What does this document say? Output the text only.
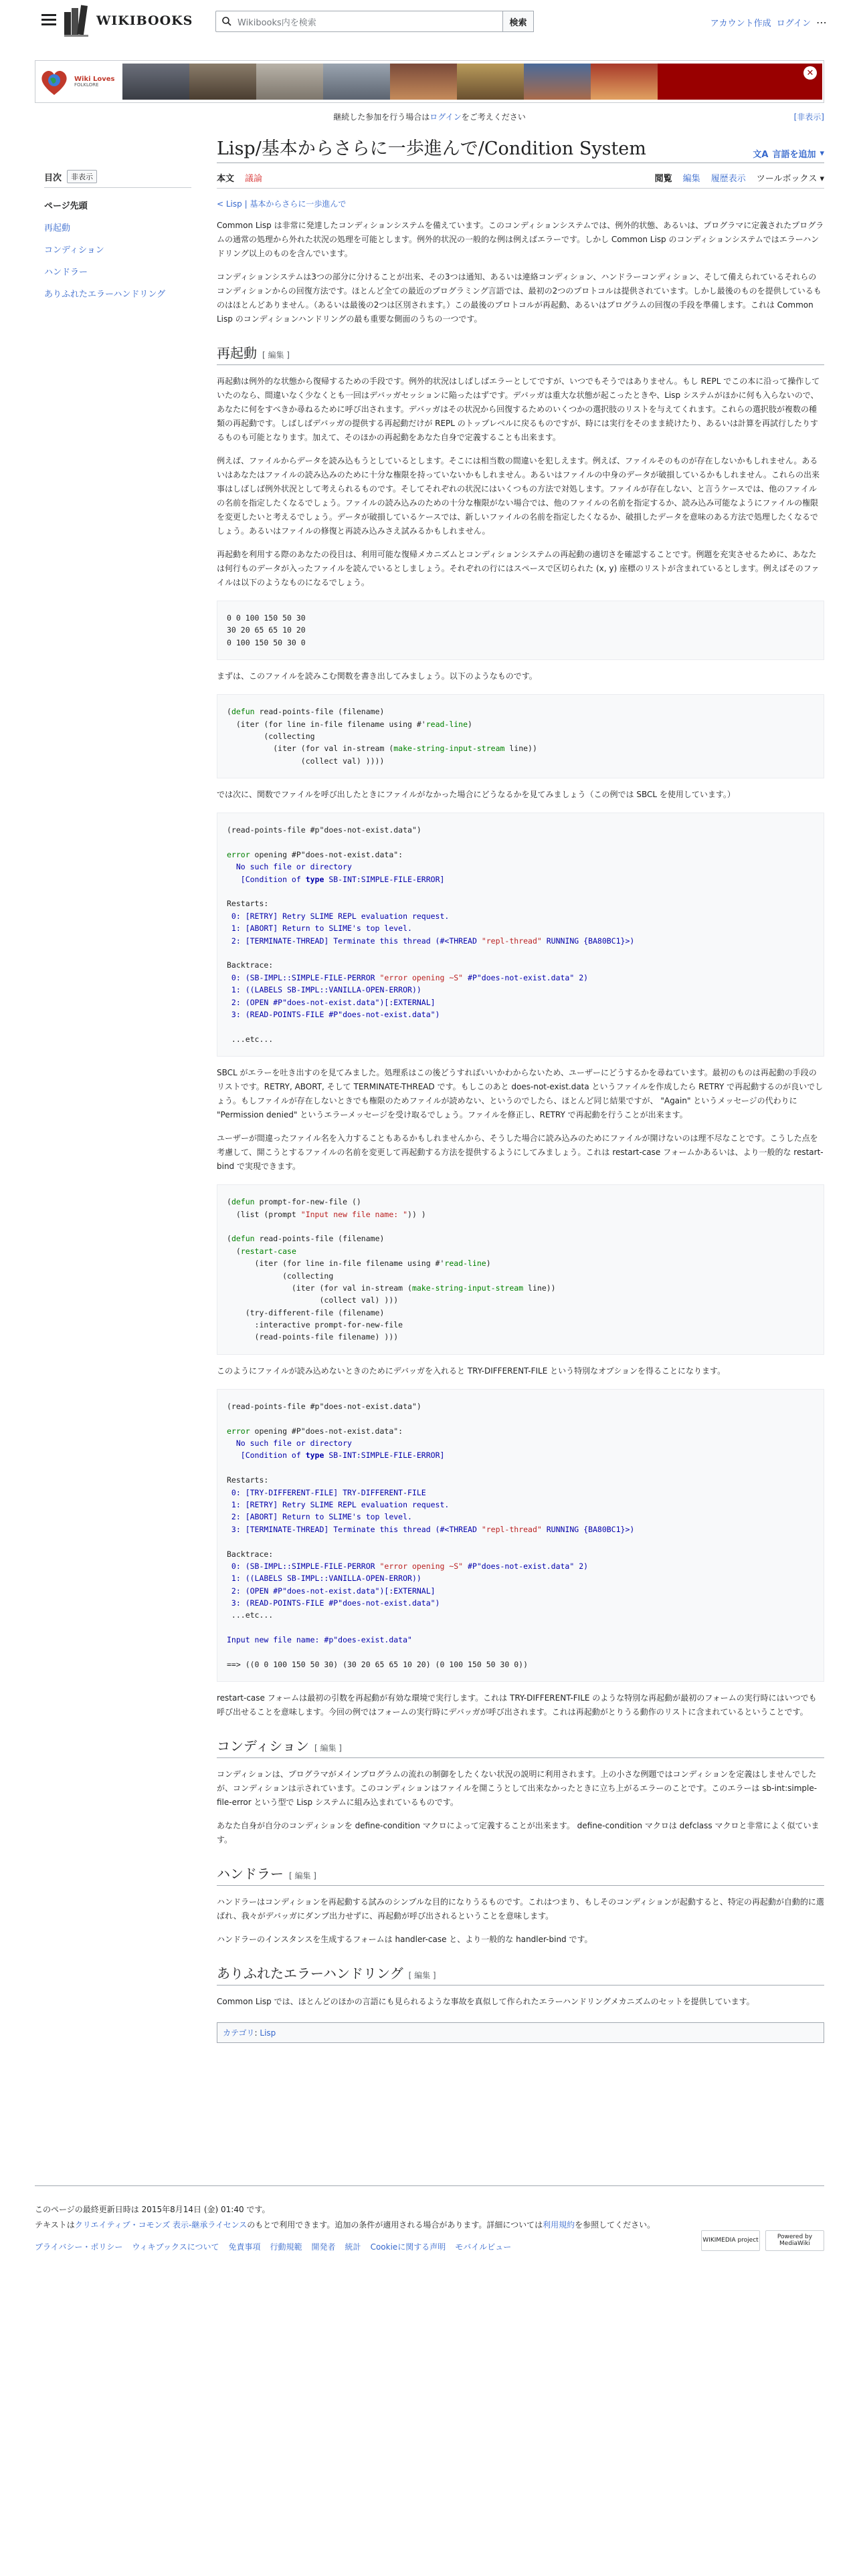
WIKIBOOKS	Wikibooks内を検索	検索	アカウント作成 ログイン ⋯
Wiki Loves
FOLKLORE
✕
継続した参加を行う場合はログインをご考えください	[非表示]
目次	非表示
ページ先頭
再起動
コンディション
ハンドラー
ありふれたエラーハンドリング
Lisp/基本からさらに一歩進んで/Condition System	文A 言語を追加 ▾
本文 議論	閲覧 編集 履歴表示 ツールボックス ▾
< Lisp | 基本からさらに一歩進んで

Common Lisp は非常に発達したコンディションシステムを備えています。このコンディションシステムでは、例外的状態、あるいは、プログラマに定義されたプログラムの通常の処理から外れた状況の処理を可能とします。例外的状況の一般的な例は例えばエラーです。しかし Common Lisp のコンディションシステムではエラーハンドリング以上のものを含んでいます。

コンディションシステムは3つの部分に分けることが出来、その3つは通知、あるいは連絡コンディション、ハンドラーコンディション、そして備えられているそれらのコンディションからの回復方法です。ほとんど全ての最近のプログラミング言語では、最初の2つのプロトコルは提供されています。しかし最後のものを提供しているものはほとんどありません。（あるいは最後の2つは区別されます。）この最後のプロトコルが再起動、あるいはプログラムの回復の手段を準備します。これは Common Lisp のコンディションハンドリングの最も重要な側面のうちの一つです。

再起動 [ 編集 ]

再起動は例外的な状態から復帰するための手段です。例外的状況はしばしばエラーとしてですが、いつでもそうではありません。もし REPL でこの本に沿って操作していたのなら、間違いなく少なくとも一回はデバッガセッションに陥ったはずです。デバッガは重大な状態が起こったときや、Lisp システムがほかに何も入らないので、あなたに何をすべきか尋ねるために呼び出されます。デバッガはその状況から回復するためのいくつかの選択肢のリストを与えてくれます。これらの選択肢が複数の種類の再起動です。しばしばデバッガの提供する再起動だけが REPL のトップレベルに戻るものですが、時には実行をそのまま続けたり、あるいは計算を再試行したりするものも可能となります。加えて、そのほかの再起動をあなた自身で定義することも出来ます。

例えば、ファイルからデータを読み込もうとしているとします。そこには相当数の間違いを犯しえます。例えば、ファイルそのものが存在しないかもしれません。あるいはあなたはファイルの読み込みのために十分な権限を持っていないかもしれません。あるいはファイルの中身のデータが破損しているかもしれません。これらの出来事はしばしば例外状況として考えられるものです。そしてそれぞれの状況にはいくつもの方法で対処します。ファイルが存在しない、と言うケースでは、他のファイルの名前を指定したくなるでしょう。ファイルの読み込みのための十分な権限がない場合では、他のファイルの名前を指定するか、読み込み可能なようにファイルの権限を変更したいと考えるでしょう。データが破損しているケースでは、新しいファイルの名前を指定したくなるか、破損したデータを意味のある方法で処理したくなるでしょう。あるいはファイルの修復と再読み込みさえ試みるかもしれません。

再起動を利用する際のあなたの役目は、利用可能な復帰メカニズムとコンディションシステムの再起動の適切さを確認することです。例題を充実させるために、あなたは何行ものデータが入ったファイルを読んでいるとしましょう。それぞれの行にはスペースで区切られた (x, y) 座標のリストが含まれているとします。例えばそのファイルは以下のようなものになるでしょう。

0 0 100 150 50 30
30 20 65 65 10 20
0 100 150 50 30 0

まずは、このファイルを読みこむ関数を書き出してみましょう。以下のようなものです。

(defun read-points-file (filename)
(iter (for line in-file filename using #'read-line)
(collecting
(iter (for val in-stream (make-string-input-stream line))
(collect val) ))))

では次に、関数でファイルを呼び出したときにファイルがなかった場合にどうなるかを見てみましょう（この例では SBCL を使用しています。）

(read-points-file #p"does-not-exist.data")

error opening #P"does-not-exist.data":
No such file or directory
[Condition of type SB-INT:SIMPLE-FILE-ERROR]

Restarts:
0: [RETRY] Retry SLIME REPL evaluation request.
1: [ABORT] Return to SLIME's top level.
2: [TERMINATE-THREAD] Terminate this thread (#<THREAD "repl-thread" RUNNING {BA80BC1}>)

Backtrace:
0: (SB-IMPL::SIMPLE-FILE-PERROR "error opening ~S" #P"does-not-exist.data" 2)
1: ((LABELS SB-IMPL::VANILLA-OPEN-ERROR))
2: (OPEN #P"does-not-exist.data")[:EXTERNAL]
3: (READ-POINTS-FILE #P"does-not-exist.data")

...etc...

SBCL がエラーを吐き出すのを見てみました。処理系はこの後どうすればいいかわからないため、ユーザーにどうするかを尋ねています。最初のものは再起動の手段のリストです。RETRY, ABORT, そして TERMINATE-THREAD です。もしこのあと does-not-exist.data というファイルを作成したら RETRY で再起動するのが良いでしょう。もしファイルが存在しないときでも権限のためファイルが読めない、というのでしたら、ほとんど同じ結果ですが、 "Again" というメッセージの代わりに "Permission denied" というエラーメッセージを受け取るでしょう。ファイルを修正し、RETRY で再起動を行うことが出来ます。

ユーザーが間違ったファイル名を入力することもあるかもしれませんから、そうした場合に読み込みのためにファイルが開けないのは理不尽なことです。こうした点を考慮して、開こうとするファイルの名前を変更して再起動する方法を提供するようにしてみましょう。これは restart-case フォームかあるいは、より一般的な restart-bind で実現できます。

(defun prompt-for-new-file ()
(list (prompt "Input new file name: ")) )

(defun read-points-file (filename)
(restart-case
(iter (for line in-file filename using #'read-line)
(collecting
(iter (for val in-stream (make-string-input-stream line))
(collect val) )))
(try-different-file (filename)
:interactive prompt-for-new-file
(read-points-file filename) )))

このようにファイルが読み込めないときのためにデバッガを入れると TRY-DIFFERENT-FILE という特別なオプションを得ることになります。

(read-points-file #p"does-not-exist.data")

error opening #P"does-not-exist.data":
No such file or directory
[Condition of type SB-INT:SIMPLE-FILE-ERROR]

Restarts:
0: [TRY-DIFFERENT-FILE] TRY-DIFFERENT-FILE
1: [RETRY] Retry SLIME REPL evaluation request.
2: [ABORT] Return to SLIME's top level.
3: [TERMINATE-THREAD] Terminate this thread (#<THREAD "repl-thread" RUNNING {BA80BC1}>)

Backtrace:
0: (SB-IMPL::SIMPLE-FILE-PERROR "error opening ~S" #P"does-not-exist.data" 2)
1: ((LABELS SB-IMPL::VANILLA-OPEN-ERROR))
2: (OPEN #P"does-not-exist.data")[:EXTERNAL]
3: (READ-POINTS-FILE #P"does-not-exist.data")
...etc...

Input new file name: #p"does-exist.data"

==> ((0 0 100 150 50 30) (30 20 65 65 10 20) (0 100 150 50 30 0))

restart-case フォームは最初の引数を再起動が有効な環境で実行します。これは TRY-DIFFERENT-FILE のような特別な再起動が最初のフォームの実行時にはいつでも呼び出せることを意味します。今回の例ではフォームの実行時にデバッガが呼び出されます。これは再起動がとりうる動作のリストに含まれているということです。

コンディション [ 編集 ]

コンディションは、プログラマがメインプログラムの流れの制御をしたくない状況の説明に利用されます。上の小さな例題ではコンディションを定義はしませんでしたが、コンディションは示されています。このコンディションはファイルを開こうとして出来なかったときに立ち上がるエラーのことです。このエラーは sb-int:simple-file-error という型で Lisp システムに組み込まれているものです。

あなた自身が自分のコンディションを define-condition マクロによって定義することが出来ます。 define-condition マクロは defclass マクロと非常によく似ています。

ハンドラー [ 編集 ]

ハンドラーはコンディションを再起動する試みのシンプルな目的になりうるものです。これはつまり、もしそのコンディションが起動すると、特定の再起動が自動的に選ばれ、我々がデバッガにダンプ出力せずに、再起動が呼び出されるということを意味します。

ハンドラーのインスタンスを生成するフォームは handler-case と、より一般的な handler-bind です。

ありふれたエラーハンドリング [ 編集 ]

Common Lisp では、ほとんどのほかの言語にも見られるような事故を真似して作られたエラーハンドリングメカニズムのセットを提供しています。

カテゴリ: Lisp
このページの最終更新日時は 2015年8月14日 (金) 01:40 です。
テキストはクリエイティブ・コモンズ 表示-継承ライセンスのもとで利用できます。追加の条件が適用される場合があります。詳細については利用規約を参照してください。
プライバシー・ポリシー ウィキブックスについて 免責事項 行動規範 開発者 統計 Cookieに関する声明 モバイルビュー
WIKIMEDIA project	Powered by MediaWiki
